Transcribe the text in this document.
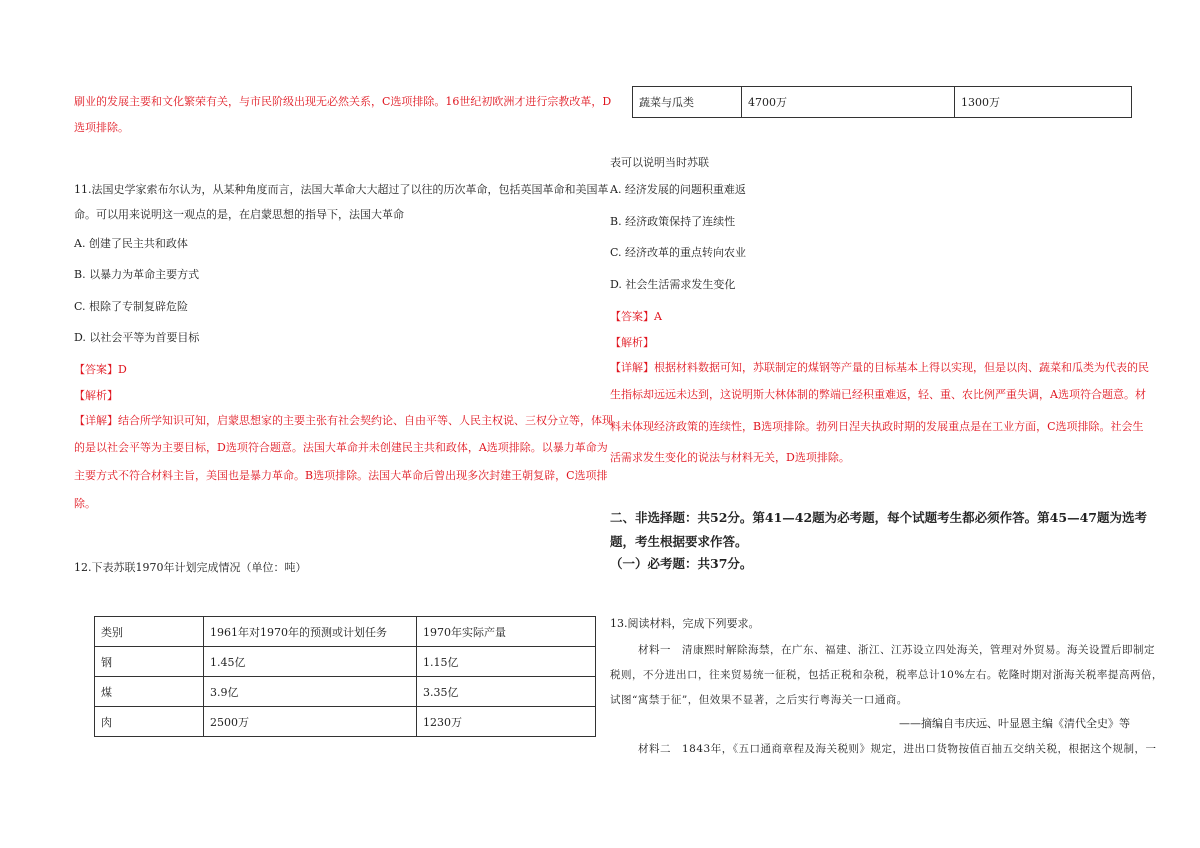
刷业的发展主要和文化繁荣有关，与市民阶级出现无必然关系，C选项排除。16世纪初欧洲才进行宗教改革，D
选项排除。
11.法国史学家索布尔认为，从某种角度而言，法国大革命大大超过了以往的历次革命，包括英国革命和美国革
命。可以用来说明这一观点的是，在启蒙思想的指导下，法国大革命
A. 创建了民主共和政体
B. 以暴力为革命主要方式
C. 根除了专制复辟危险
D. 以社会平等为首要目标
【答案】D
【解析】
【详解】结合所学知识可知，启蒙思想家的主要主张有社会契约论、自由平等、人民主权说、三权分立等，体现
的是以社会平等为主要目标，D选项符合题意。法国大革命并未创建民主共和政体，A选项排除。以暴力革命为
主要方式不符合材料主旨，美国也是暴力革命。B选项排除。法国大革命后曾出现多次封建王朝复辟，C选项排
除。
12.下表苏联1970年计划完成情况（单位：吨）
类别	1961年对1970年的预测或计划任务	1970年实际产量
钢	1.45亿	1.15亿
煤	3.9亿	3.35亿
肉	2500万	1230万
蔬菜与瓜类	4700万	1300万
表可以说明当时苏联
A. 经济发展的问题积重难返
B. 经济政策保持了连续性
C. 经济改革的重点转向农业
D. 社会生活需求发生变化
【答案】A
【解析】
【详解】根据材料数据可知，苏联制定的煤钢等产量的目标基本上得以实现，但是以肉、蔬菜和瓜类为代表的民
生指标却远远未达到，这说明斯大林体制的弊端已经积重难返，轻、重、农比例严重失调，A选项符合题意。材
料未体现经济政策的连续性，B选项排除。勃列日涅夫执政时期的发展重点是在工业方面，C选项排除。社会生
活需求发生变化的说法与材料无关，D选项排除。
二、非选择题：共52分。第41—42题为必考题，每个试题考生都必须作答。第45—47题为选考
题，考生根据要求作答。
（一）必考题：共37分。
13.阅读材料，完成下列要求。
材料一　清康熙时解除海禁，在广东、福建、浙江、江苏设立四处海关，管理对外贸易。海关设置后即制定
税则，不分进出口，往来贸易统一征税，包括正税和杂税，税率总计10%左右。乾隆时期对浙海关税率提高两倍，
试图“寓禁于征”，但效果不显著，之后实行粤海关一口通商。
——摘编自韦庆远、叶显恩主编《清代全史》等
材料二　1843年，《五口通商章程及海关税则》规定，进出口货物按值百抽五交纳关税，根据这个规制，一
